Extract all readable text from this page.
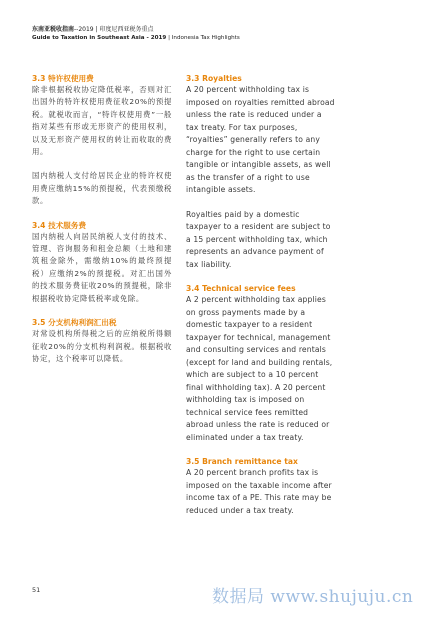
东南亚税收指南--2019 | 印度尼西亚税务重点
Guide to Taxation in Southeast Asia - 2019 | Indonesia Tax Highlights
3.3 特许权使用费

除非根据税收协定降低税率，否则对汇出国外的特许权使用费征收20%的预提税。就税收而言，“特许权使用费”一般指对某些有形或无形资产的使用权利，以及无形资产使用权的转让而收取的费用。

国内纳税人支付给居民企业的特许权使用费应缴纳15%的预提税，代表预缴税款。

3.4 技术服务费

国内纳税人向居民纳税人支付的技术、管理、咨询服务和租金总额（土地和建筑租金除外，需缴纳10%的最终预提税）应缴纳2%的预提税。对汇出国外的技术服务费征收20%的预提税，除非根据税收协定降低税率或免除。

3.5 分支机构利润汇出税

对常设机构所得税之后的应纳税所得额征收20%的分支机构利润税。根据税收协定，这个税率可以降低。

3.3 Royalties

A 20 percent withholding tax is imposed on royalties remitted abroad unless the rate is reduced under a tax treaty. For tax purposes, “royalties” generally refers to any charge for the right to use certain tangible or intangible assets, as well as the transfer of a right to use intangible assets.

Royalties paid by a domestic taxpayer to a resident are subject to a 15 percent withholding tax, which represents an advance payment of tax liability.

3.4 Technical service fees

A 2 percent withholding tax applies on gross payments made by a domestic taxpayer to a resident taxpayer for technical, management and consulting services and rentals (except for land and building rentals, which are subject to a 10 percent final withholding tax). A 20 percent withholding tax is imposed on technical service fees remitted abroad unless the rate is reduced or eliminated under a tax treaty.

3.5 Branch remittance tax

A 20 percent branch profits tax is imposed on the taxable income after income tax of a PE. This rate may be reduced under a tax treaty.

51	数据局 www.shujuju.cn
